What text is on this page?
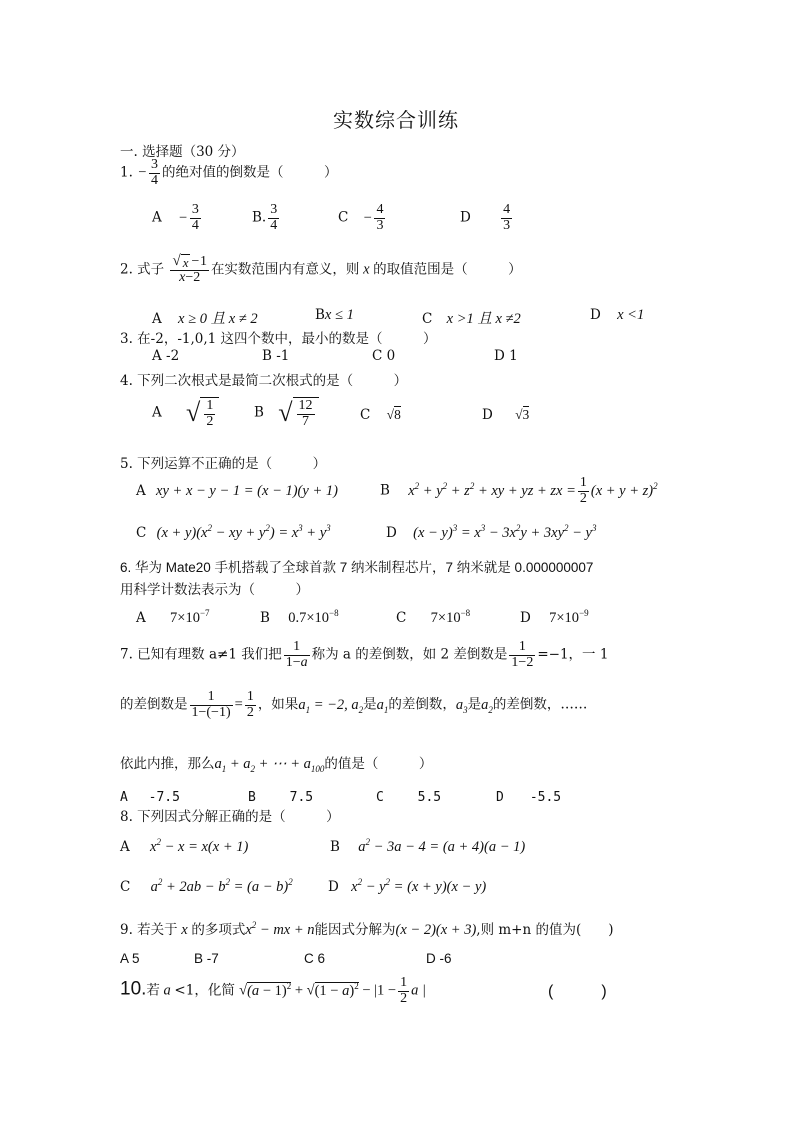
实数综合训练
一. 选择题（30 分）
1. − $\frac{3}{4}$ 的绝对值的倒数是（　　　）
$A - \frac{3}{4}$	B. $\frac{3}{4}$	$C - \frac{4}{3}$	D $\frac{4}{3}$
2. 式子 $\frac{√ x -1}{x-2}$ 在实数范围内有意义，则 x 的取值范围是（　　　）
A x ≥ 0 且 x ≠ 2	Bx ≤ 1	C x >1 且 x ≠2	D x <1
3. 在-2，-1,0,1 这四个数中，最小的数是（　　　）
A -2	B -1	C 0	D 1
4. 下列二次根式是最简二次根式的是（　　　）
A √ $\frac{1}{2}$	B √ $\frac{12}{7}$	C √8	D √3
5. 下列运算不正确的是（　　　）
A xy + x − y − 1 = (x − 1)(y + 1)	B $x^2 + y^2 + z^2$ + xy + yz + zx = $\frac{1}{2} (x + y + z)^2$
C $(x + y)(x^2$ − xy + $y^2) = x^3 + y^3$	D $(x - y)^3 = x^3 - 3x^2y + 3xy^2 - y^3$
6. 华为 Mate20 手机搭载了全球首款 7 纳米制程芯片，7 纳米就是 0.000000007
用科学计数法表示为（　　　）
A $7\times 10^{-7}$	B $0.7\times 10^{-8}$	C $7\times 10^{-8}$	D $7\times 10^{-9}$
7. 已知有理数 a≠1 我们把 $\frac{1}{1-a}$ 称为 a 的差倒数，如 2 差倒数是 $\frac{1}{1-2} =-1$，一 1
的差倒数是 $\frac{1}{1-(-1)} = \frac{1}{2}$ ，如果$a_1 = -2$, $a_2$是$a_1$的差倒数，$a_3$是$a_2$的差倒数，……
依此内推，那么$a_1 + a_2$ + ⋯ + $a_{100}$的值是（　　　）
A　 -7.5	B　　 7.5	C　　 5.5	D　　-5.5
8. 下列因式分解正确的是（　　　）
A $x^2 - x = x(x + 1)$	B $a^2 - 3a - 4 = (a + 4)(a - 1)$
C $a^2 + 2ab - b^2 = (a - b)^2$	D $x^2 - y^2 = (x + y)(x - y)$
9. 若关于 x 的多项式$x^2$ − mx + n能因式分解为(x − 2)(x + 3),则 m+n 的值为(　　)
A 5	B -7	C 6	D -6
10.若 a <1，化简 $√(a - 1)^2 + √(1 - a)^2 - |1 - \frac{1}{2}$ a |	(　　　)
